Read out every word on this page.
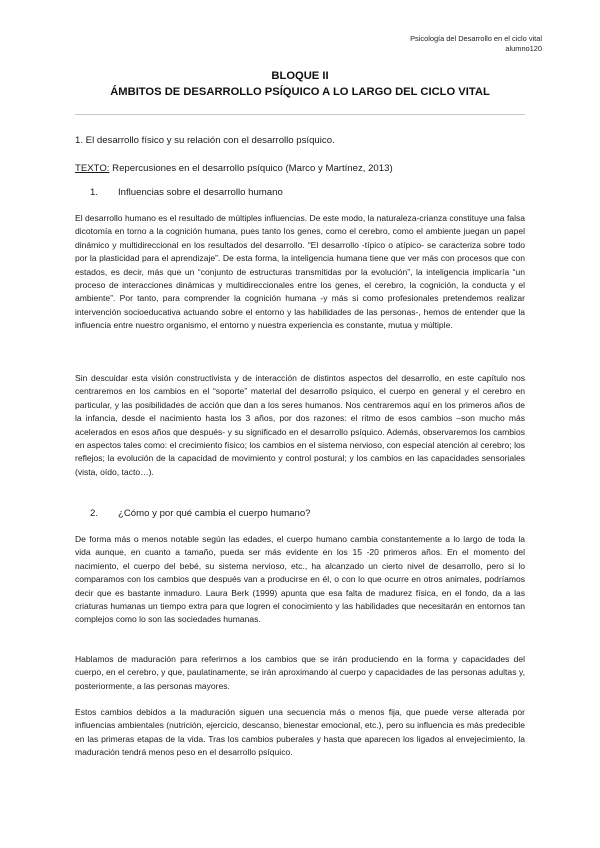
Psicología del Desarrollo en el ciclo vital
alumno120
BLOQUE II
ÁMBITOS DE DESARROLLO PSÍQUICO A LO LARGO DEL CICLO VITAL
1. El desarrollo físico y su relación con el desarrollo psíquico.
TEXTO: Repercusiones en el desarrollo psíquico (Marco y Martínez, 2013)
1. Influencias sobre el desarrollo humano
El desarrollo humano es el resultado de múltiples influencias. De este modo, la naturaleza-crianza constituye una falsa dicotomía en torno a la cognición humana, pues tanto los genes, como el cerebro, como el ambiente juegan un papel dinámico y multidireccional en los resultados del desarrollo. “El desarrollo -típico o atípico- se caracteriza sobre todo por la plasticidad para el aprendizaje”. De esta forma, la inteligencia humana tiene que ver más con procesos que con estados, es decir, más que un “conjunto de estructuras transmitidas por la evolución”, la inteligencia implicaría “un proceso de interacciones dinámicas y multidireccionales entre los genes, el cerebro, la cognición, la conducta y el ambiente”. Por tanto, para comprender la cognición humana -y más si como profesionales pretendemos realizar intervención socioeducativa actuando sobre el entorno y las habilidades de las personas-, hemos de entender que la influencia entre nuestro organismo, el entorno y nuestra experiencia es constante, mutua y múltiple.
Sin descuidar esta visión constructivista y de interacción de distintos aspectos del desarrollo, en este capítulo nos centraremos en los cambios en el “soporte” material del desarrollo psíquico, el cuerpo en general y el cerebro en particular, y las posibilidades de acción que dan a los seres humanos. Nos centraremos aquí en los primeros años de la infancia, desde el nacimiento hasta los 3 años, por dos razones: el ritmo de esos cambios –son mucho más acelerados en esos años que después- y su significado en el desarrollo psíquico. Además, observaremos los cambios en aspectos tales como: el crecimiento físico; los cambios en el sistema nervioso, con especial atención al cerebro; los reflejos; la evolución de la capacidad de movimiento y control postural; y los cambios en las capacidades sensoriales (vista, oído, tacto…).
2. ¿Cómo y por qué cambia el cuerpo humano?
De forma más o menos notable según las edades, el cuerpo humano cambia constantemente a lo largo de toda la vida aunque, en cuanto a tamaño, pueda ser más evidente en los 15 -20 primeros años. En el momento del nacimiento, el cuerpo del bebé, su sistema nervioso, etc., ha alcanzado un cierto nivel de desarrollo, pero si lo comparamos con los cambios que después van a producirse en él, o con lo que ocurre en otros animales, podríamos decir que es bastante inmaduro. Laura Berk (1999) apunta que esa falta de madurez física, en el fondo, da a las criaturas humanas un tiempo extra para que logren el conocimiento y las habilidades que necesitarán en entornos tan complejos como lo son las sociedades humanas.
Hablamos de maduración para referirnos a los cambios que se irán produciendo en la forma y capacidades del cuerpo, en el cerebro, y que, paulatinamente, se irán aproximando al cuerpo y capacidades de las personas adultas y, posteriormente, a las personas mayores.
Estos cambios debidos a la maduración siguen una secuencia más o menos fija, que puede verse alterada por influencias ambientales (nutrición, ejercicio, descanso, bienestar emocional, etc.), pero su influencia es más predecible en las primeras etapas de la vida. Tras los cambios puberales y hasta que aparecen los ligados al envejecimiento, la maduración tendrá menos peso en el desarrollo psíquico.
